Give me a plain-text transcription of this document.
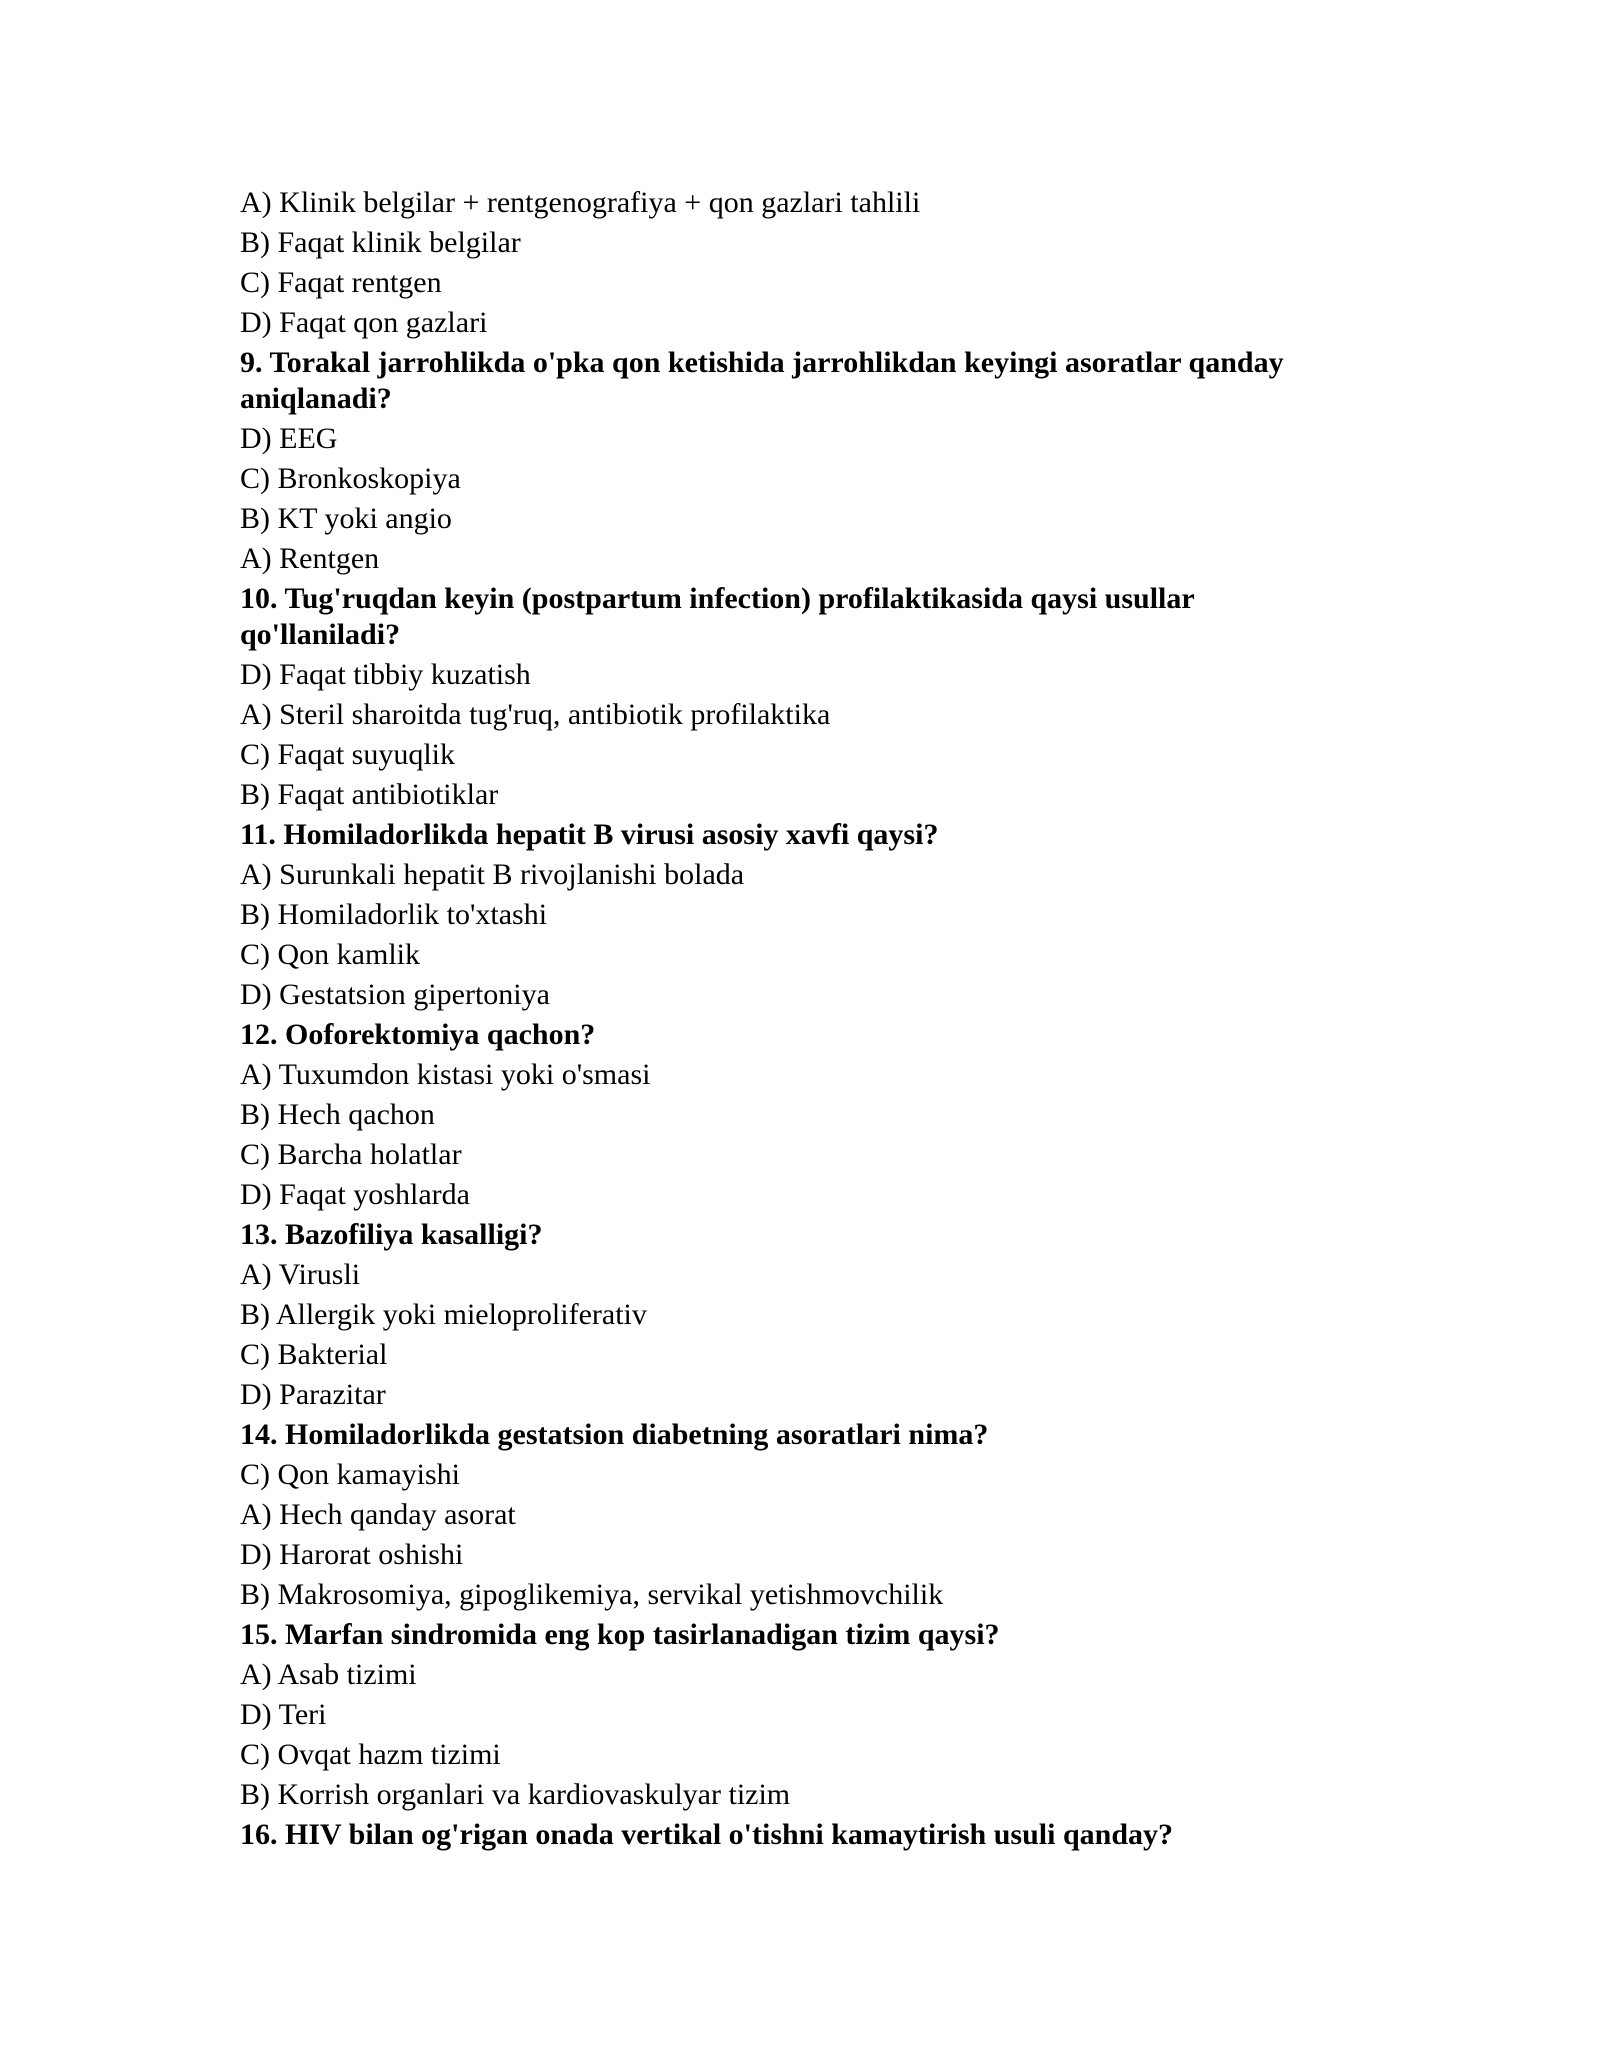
A) Klinik belgilar + rentgenografiya + qon gazlari tahlili

B) Faqat klinik belgilar

C) Faqat rentgen

D) Faqat qon gazlari

9. Torakal jarrohlikda o'pka qon ketishida jarrohlikdan keyingi asoratlar qanday aniqlanadi?

D) EEG

C) Bronkoskopiya

B) KT yoki angio

A) Rentgen

10. Tug'ruqdan keyin (postpartum infection) profilaktikasida qaysi usullar qo'llaniladi?

D) Faqat tibbiy kuzatish

A) Steril sharoitda tug'ruq, antibiotik profilaktika

C) Faqat suyuqlik

B) Faqat antibiotiklar

11. Homiladorlikda hepatit B virusi asosiy xavfi qaysi?

A) Surunkali hepatit B rivojlanishi bolada

B) Homiladorlik to'xtashi

C) Qon kamlik

D) Gestatsion gipertoniya

12. Ooforektomiya qachon?

A) Tuxumdon kistasi yoki o'smasi

B) Hech qachon

C) Barcha holatlar

D) Faqat yoshlarda

13. Bazofiliya kasalligi?

A) Virusli

B) Allergik yoki mieloproliferativ

C) Bakterial

D) Parazitar

14. Homiladorlikda gestatsion diabetning asoratlari nima?

C) Qon kamayishi

A) Hech qanday asorat

D) Harorat oshishi

B) Makrosomiya, gipoglikemiya, servikal yetishmovchilik

15. Marfan sindromida eng kop tasirlanadigan tizim qaysi?

A) Asab tizimi

D) Teri

C) Ovqat hazm tizimi

B) Korrish organlari va kardiovaskulyar tizim

16. HIV bilan og'rigan onada vertikal o'tishni kamaytirish usuli qanday?
